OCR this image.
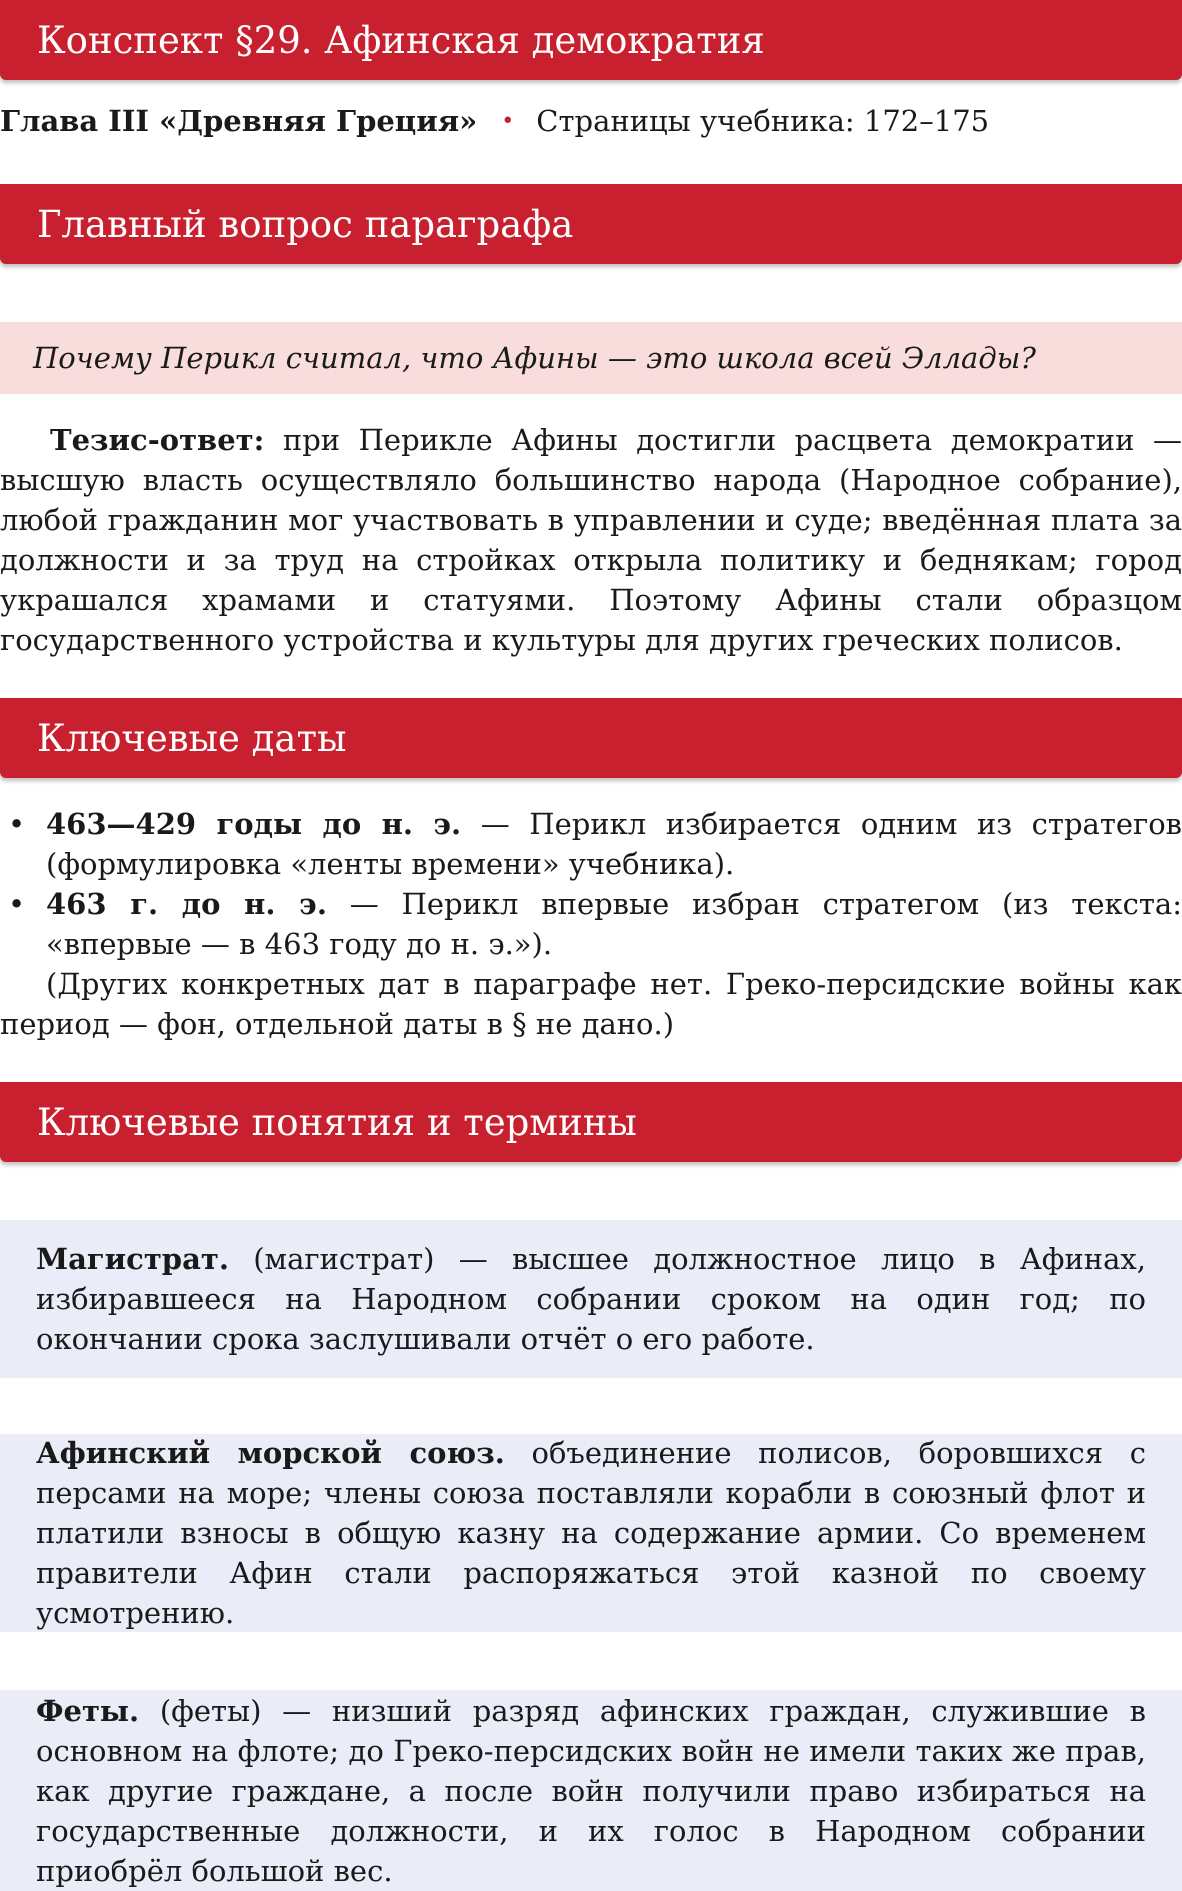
Конспект §29. Афинская демократия
Глава III «Древняя Греция» • Страницы учебника: 172–175
Главный вопрос параграфа
Почему Перикл считал, что Афины — это школа всей Эллады?
Тезис-ответ: при Перикле Афины достигли расцвета демократии — высшую власть осуществляло большинство народа (Народное собрание), любой гражданин мог участвовать в управлении и суде; введённая плата за должности и за труд на стройках открыла политику и беднякам; город украшался храмами и статуями. Поэтому Афины стали образцом государственного устройства и культуры для других греческих полисов.
Ключевые даты
• 463—429 годы до н. э. — Перикл избирается одним из стратегов (формулировка «ленты времени» учебника).
• 463 г. до н. э. — Перикл впервые избран стратегом (из текста: «впервые — в 463 году до н. э.»).
(Других конкретных дат в параграфе нет. Греко-персидские войны как период — фон, отдельной даты в § не дано.)
Ключевые понятия и термины

Магистрат. (магистрат) — высшее должностное лицо в Афинах, избиравшееся на Народном собрании сроком на один год; по окончании срока заслушивали отчёт о его работе.

Афинский морской союз. объединение полисов, боровшихся с персами на море; члены союза поставляли корабли в союзный флот и платили взносы в общую казну на содержание армии. Со временем правители Афин стали распоряжаться этой казной по своему усмотрению.

Феты. (феты) — низший разряд афинских граждан, служившие в основном на флоте; до Греко-персидских войн не имели таких же прав, как другие граждане, а после войн получили право избираться на государственные должности, и их голос в Народном собрании приобрёл большой вес.
